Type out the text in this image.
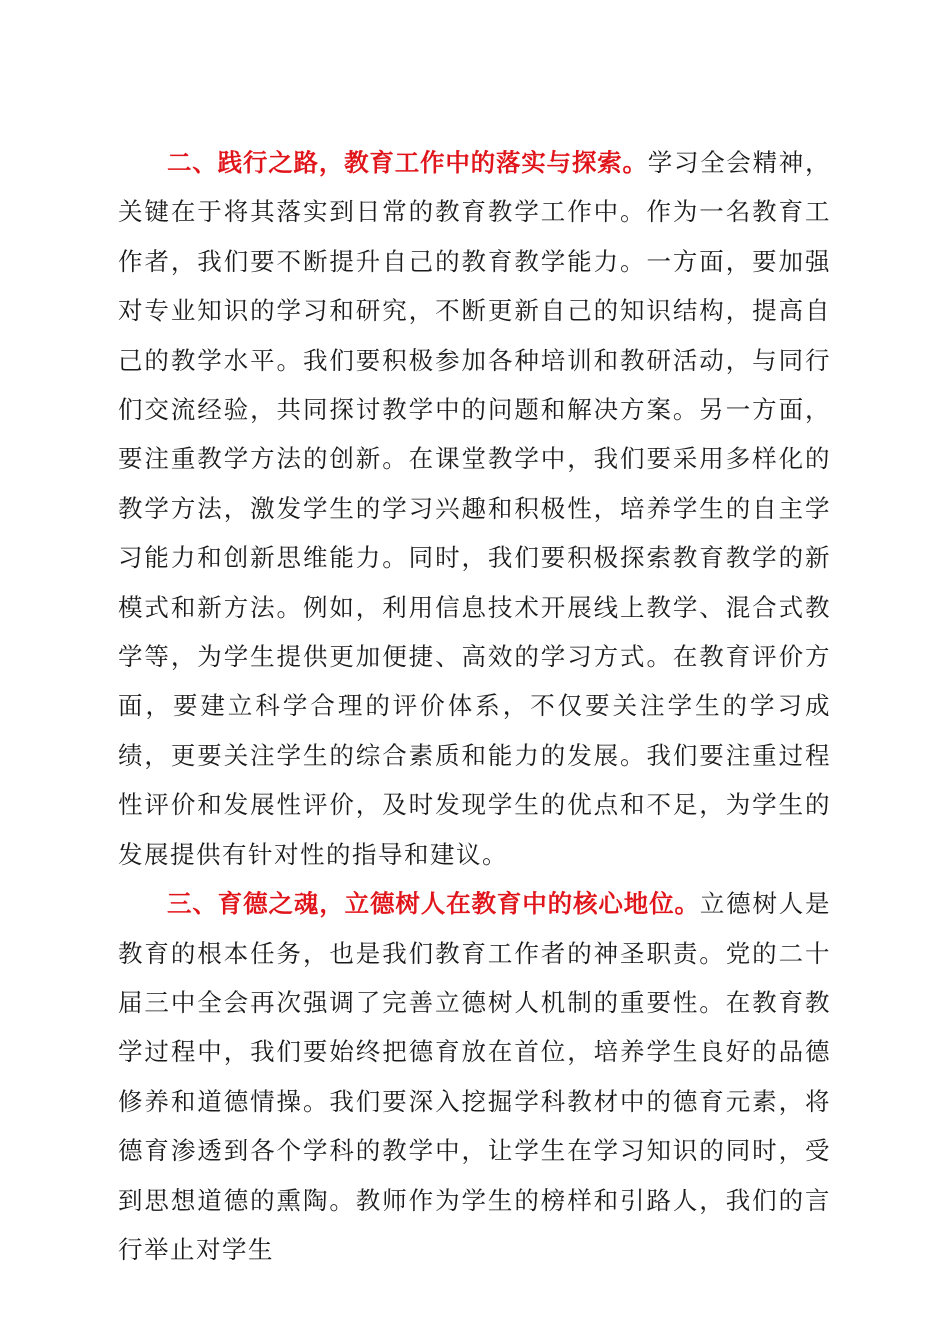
二、践行之路，教育工作中的落实与探索。学习全会精神，关键在于将其落实到日常的教育教学工作中。作为一名教育工作者，我们要不断提升自己的教育教学能力。一方面，要加强对专业知识的学习和研究，不断更新自己的知识结构，提高自己的教学水平。我们要积极参加各种培训和教研活动，与同行们交流经验，共同探讨教学中的问题和解决方案。另一方面，要注重教学方法的创新。在课堂教学中，我们要采用多样化的教学方法，激发学生的学习兴趣和积极性，培养学生的自主学习能力和创新思维能力。同时，我们要积极探索教育教学的新模式和新方法。例如，利用信息技术开展线上教学、混合式教学等，为学生提供更加便捷、高效的学习方式。在教育评价方面，要建立科学合理的评价体系，不仅要关注学生的学习成绩，更要关注学生的综合素质和能力的发展。我们要注重过程性评价和发展性评价，及时发现学生的优点和不足，为学生的发展提供有针对性的指导和建议。

三、育德之魂，立德树人在教育中的核心地位。立德树人是教育的根本任务，也是我们教育工作者的神圣职责。党的二十届三中全会再次强调了完善立德树人机制的重要性。在教育教学过程中，我们要始终把德育放在首位，培养学生良好的品德修养和道德情操。我们要深入挖掘学科教材中的德育元素，将德育渗透到各个学科的教学中，让学生在学习知识的同时，受到思想道德的熏陶。教师作为学生的榜样和引路人，我们的言行举止对学生
